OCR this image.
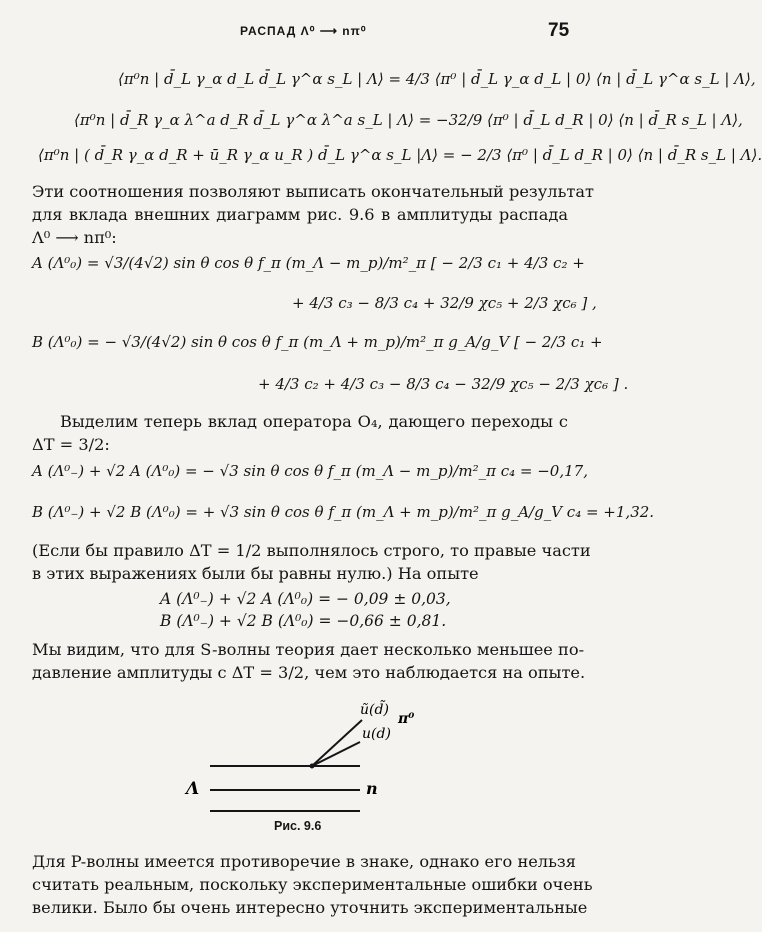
РАСПАД Λ⁰ ⟶ nπ⁰	75
⟨π⁰n | d̄_L γ_α d_L d̄_L γ^α s_L | Λ⟩ = 4/3 ⟨π⁰ | d̄_L γ_α d_L | 0⟩ ⟨n | d̄_L γ^α s_L | Λ⟩,
⟨π⁰n | d̄_R γ_α λ^a d_R d̄_L γ^α λ^a s_L | Λ⟩ = −32/9 ⟨π⁰ | d̄_L d_R | 0⟩ ⟨n | d̄_R s_L | Λ⟩,
⟨π⁰n | ( d̄_R γ_α d_R + ū_R γ_α u_R ) d̄_L γ^α s_L |Λ⟩ = − 2/3 ⟨π⁰ | d̄_L d_R | 0⟩ ⟨n | d̄_R s_L | Λ⟩.
Эти соотношения позволяют выписать окончательный результат
для вклада внешних диаграмм рис. 9.6 в амплитуды распада
Λ⁰ ⟶ nπ⁰:
A (Λ⁰₀) = √3/(4√2) sin θ cos θ f_π (m_Λ − m_p)/m²_π [ − 2/3 c₁ + 4/3 c₂ +
+ 4/3 c₃ − 8/3 c₄ + 32/9 χc₅ + 2/3 χc₆ ] ,
B (Λ⁰₀) = − √3/(4√2) sin θ cos θ f_π (m_Λ + m_p)/m²_π g_A/g_V [ − 2/3 c₁ +
+ 4/3 c₂ + 4/3 c₃ − 8/3 c₄ − 32/9 χc₅ − 2/3 χc₆ ] .
Выделим теперь вклад оператора O₄, дающего переходы с
ΔT = 3/2:
A (Λ⁰₋) + √2 A (Λ⁰₀) = − √3 sin θ cos θ f_π (m_Λ − m_p)/m²_π c₄ = −0,17,
B (Λ⁰₋) + √2 B (Λ⁰₀) = + √3 sin θ cos θ f_π (m_Λ + m_p)/m²_π g_A/g_V c₄ = +1,32.
(Если бы правило ΔT = 1/2 выполнялось строго, то правые части
в этих выражениях были бы равны нулю.) На опыте
A (Λ⁰₋) + √2 A (Λ⁰₀) = − 0,09 ± 0,03,
B (Λ⁰₋) + √2 B (Λ⁰₀) = −0,66 ± 0,81.
Мы видим, что для S-волны теория дает несколько меньшее по-
давление амплитуды с ΔT = 3/2, чем это наблюдается на опыте.
ũ(d̃)
π⁰
u(d)
Λ	n
Рис. 9.6
Для P-волны имеется противоречие в знаке, однако его нельзя
считать реальным, поскольку экспериментальные ошибки очень
велики. Было бы очень интересно уточнить экспериментальные
